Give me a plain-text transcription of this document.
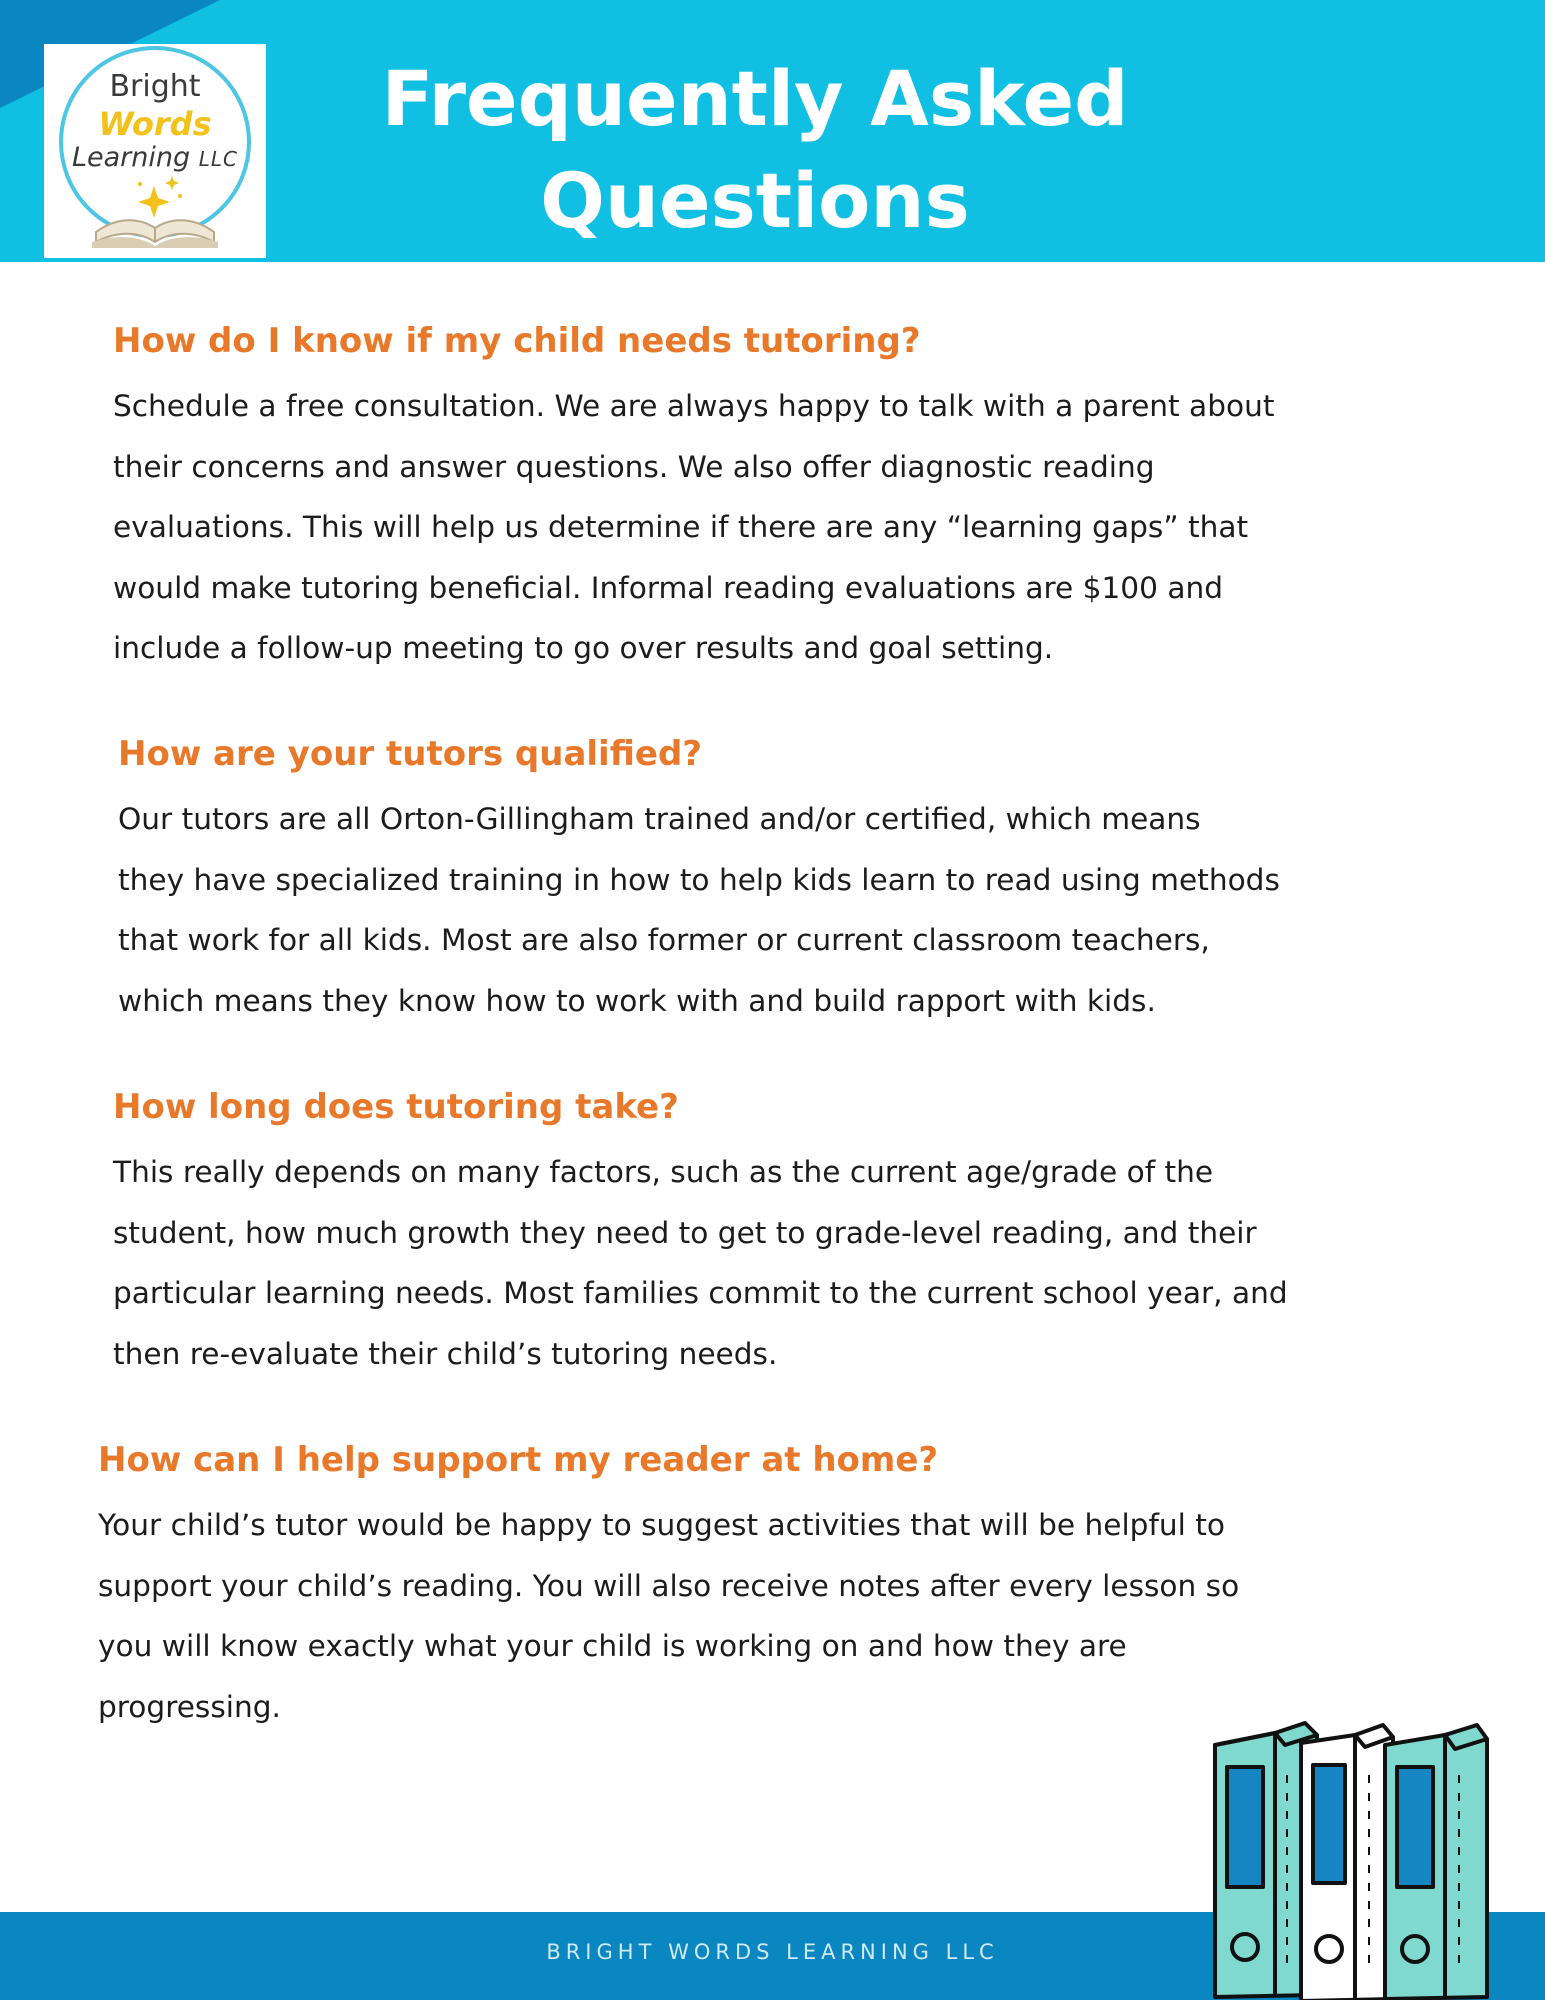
Bright
Words
Learning LLC
Frequently Asked
Questions
How do I know if my child needs tutoring?

Schedule a free consultation. We are always happy to talk with a parent about
their concerns and answer questions. We also offer diagnostic reading
evaluations. This will help us determine if there are any “learning gaps” that
would make tutoring beneficial. Informal reading evaluations are $100 and
include a follow-up meeting to go over results and goal setting.

How are your tutors qualified?

Our tutors are all Orton-Gillingham trained and/or certified, which means
they have specialized training in how to help kids learn to read using methods
that work for all kids. Most are also former or current classroom teachers,
which means they know how to work with and build rapport with kids.

How long does tutoring take?

This really depends on many factors, such as the current age/grade of the
student, how much growth they need to get to grade-level reading, and their
particular learning needs. Most families commit to the current school year, and
then re-evaluate their child’s tutoring needs.

How can I help support my reader at home?

Your child’s tutor would be happy to suggest activities that will be helpful to
support your child’s reading. You will also receive notes after every lesson so
you will know exactly what your child is working on and how they are
progressing.

BRIGHT WORDS LEARNING LLC
